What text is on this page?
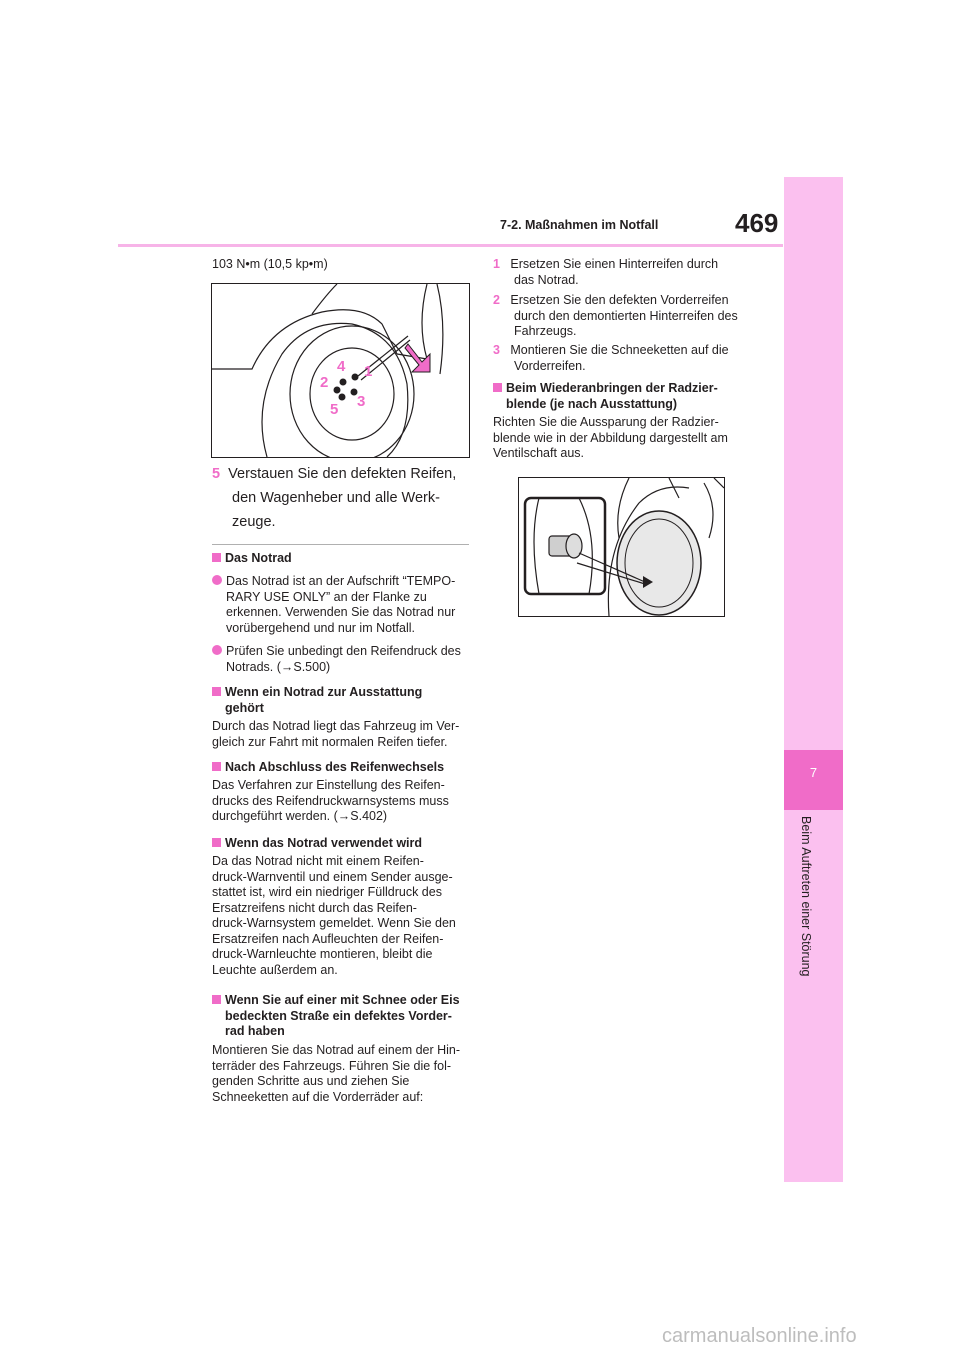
7-2. Maßnahmen im Notfall	469
7
Beim Auftreten einer Störung
103 N•m (10,5 kp•m)
4 1
2
5 3
5 Verstauen Sie den defekten Reifen,
den Wagenheber und alle Werk-
zeuge.
Das Notrad
Das Notrad ist an der Aufschrift “TEMPO-
RARY USE ONLY” an der Flanke zu
erkennen. Verwenden Sie das Notrad nur
vorübergehend und nur im Notfall.
Prüfen Sie unbedingt den Reifendruck des
Notrads. (→S.500)
Wenn ein Notrad zur Ausstattung
gehört
Durch das Notrad liegt das Fahrzeug im Ver-
gleich zur Fahrt mit normalen Reifen tiefer.
Nach Abschluss des Reifenwechsels
Das Verfahren zur Einstellung des Reifen-
drucks des Reifendruckwarnsystems muss
durchgeführt werden. (→S.402)
Wenn das Notrad verwendet wird
Da das Notrad nicht mit einem Reifen-
druck-Warnventil und einem Sender ausge-
stattet ist, wird ein niedriger Fülldruck des
Ersatzreifens nicht durch das Reifen-
druck-Warnsystem gemeldet. Wenn Sie den
Ersatzreifen nach Aufleuchten der Reifen-
druck-Warnleuchte montieren, bleibt die
Leuchte außerdem an.
Wenn Sie auf einer mit Schnee oder Eis
bedeckten Straße ein defektes Vorder-
rad haben
Montieren Sie das Notrad auf einem der Hin-
terräder des Fahrzeugs. Führen Sie die fol-
genden Schritte aus und ziehen Sie
Schneeketten auf die Vorderräder auf:
1 Ersetzen Sie einen Hinterreifen durch
das Notrad.
2 Ersetzen Sie den defekten Vorderreifen
durch den demontierten Hinterreifen des
Fahrzeugs.
3 Montieren Sie die Schneeketten auf die
Vorderreifen.
Beim Wiederanbringen der Radzier-
blende (je nach Ausstattung)
Richten Sie die Aussparung der Radzier-
blende wie in der Abbildung dargestellt am
Ventilschaft aus.
carmanualsonline.info
